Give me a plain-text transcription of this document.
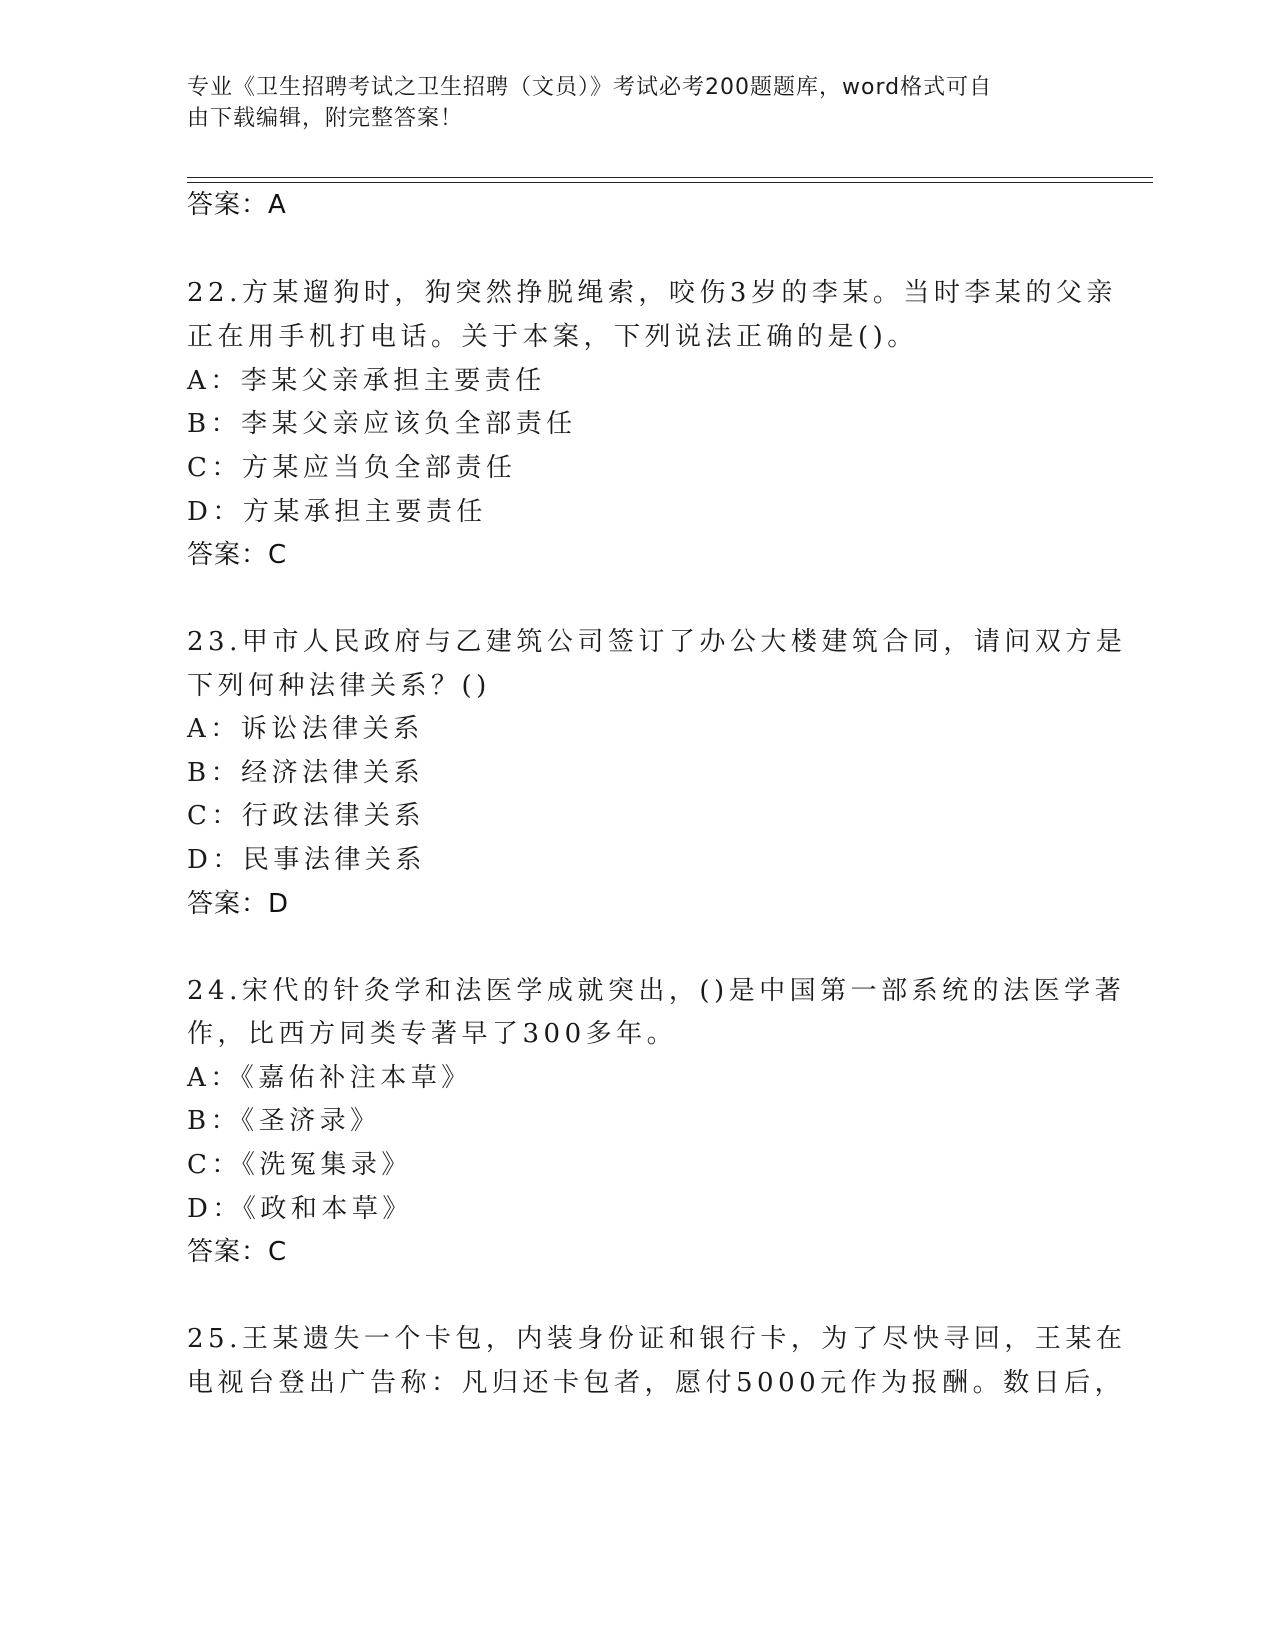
专业《卫生招聘考试之卫生招聘（文员）》考试必考200题题库，word格式可自
由下载编辑，附完整答案！
答案：A
22.方某遛狗时，狗突然挣脱绳索，咬伤3岁的李某。当时李某的父亲
正在用手机打电话。关于本案，下列说法正确的是()。
A：李某父亲承担主要责任
B：李某父亲应该负全部责任
C：方某应当负全部责任
D：方某承担主要责任
答案：C
23.甲市人民政府与乙建筑公司签订了办公大楼建筑合同，请问双方是
下列何种法律关系？()
A：诉讼法律关系
B：经济法律关系
C：行政法律关系
D：民事法律关系
答案：D
24.宋代的针灸学和法医学成就突出，()是中国第一部系统的法医学著
作，比西方同类专著早了300多年。
A：《嘉佑补注本草》
B：《圣济录》
C：《洗冤集录》
D：《政和本草》
答案：C
25.王某遗失一个卡包，内装身份证和银行卡，为了尽快寻回，王某在
电视台登出广告称：凡归还卡包者，愿付5000元作为报酬。数日后，
